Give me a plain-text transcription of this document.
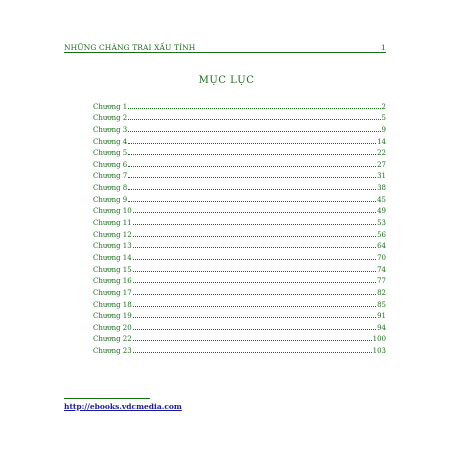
NHỮNG CHÀNG TRAI XẤU TÍNH	1
MỤC LỤC
Chương 1	2
Chương 2	5
Chương 3	9
Chương 4	14
Chương 5	22
Chương 6	27
Chương 7	31
Chương 8	38
Chương 9	45
Chương 10	49
Chương 11	53
Chương 12	56
Chương 13	64
Chương 14	70
Chương 15	74
Chương 16	77
Chương 17	82
Chương 18	85
Chương 19	91
Chương 20	94
Chương 22	100
Chương 23	103
http://ebooks.vdcmedia.com
